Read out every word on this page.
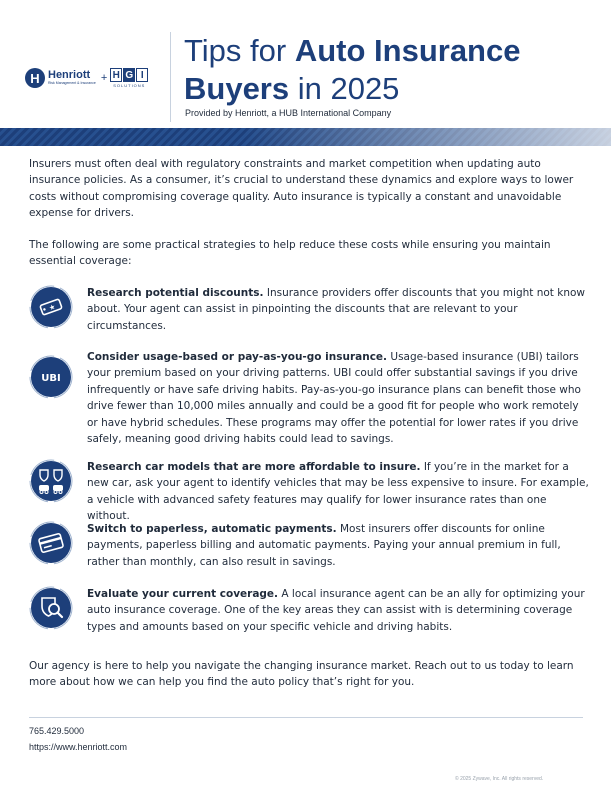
H Henriott
Risk Management & Insurance + H G I
SOLUTIONS
Tips for Auto Insurance
Buyers in 2025
Provided by Henriott, a HUB International Company

Insurers must often deal with regulatory constraints and market competition when updating auto insurance policies. As a consumer, it’s crucial to understand these dynamics and explore ways to lower costs without compromising coverage quality. Auto insurance is typically a constant and unavoidable expense for drivers.

The following are some practical strategies to help reduce these costs while ensuring you maintain essential coverage:

★
Research potential discounts. Insurance providers offer discounts that you might not know about. Your agent can assist in pinpointing the discounts that are relevant to your circumstances.
UBI
Consider usage-based or pay-as-you-go insurance. Usage-based insurance (UBI) tailors your premium based on your driving patterns. UBI could offer substantial savings if you drive infrequently or have safe driving habits. Pay-as-you-go insurance plans can benefit those who drive fewer than 10,000 miles annually and could be a good fit for people who work remotely or have hybrid schedules. These programs may offer the potential for lower rates if you drive safely, meaning good driving habits could lead to savings.
Research car models that are more affordable to insure. If you’re in the market for a new car, ask your agent to identify vehicles that may be less expensive to insure. For example, a vehicle with advanced safety features may qualify for lower insurance rates than one without.
Switch to paperless, automatic payments. Most insurers offer discounts for online payments, paperless billing and automatic payments. Paying your annual premium in full, rather than monthly, can also result in savings.
Evaluate your current coverage. A local insurance agent can be an ally for optimizing your auto insurance coverage. One of the key areas they can assist with is determining coverage types and amounts based on your specific vehicle and driving habits.

Our agency is here to help you navigate the changing insurance market. Reach out to us today to learn more about how we can help you find the auto policy that’s right for you.

765.429.5000
https://www.henriott.com
© 2025 Zywave, Inc. All rights reserved.
